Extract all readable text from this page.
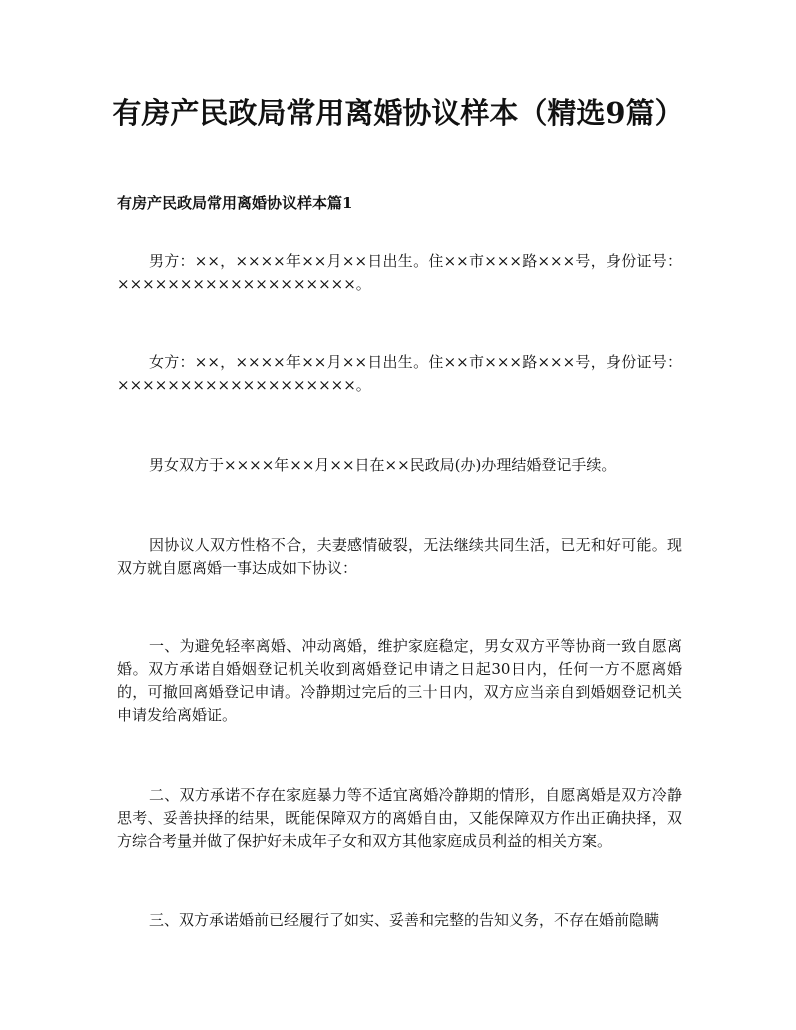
有房产民政局常用离婚协议样本（精选9篇）
有房产民政局常用离婚协议样本篇1

男方：××，××××年××月××日出生。住××市×××路×××号，身份证号：×××××××××××××××××××。

女方：××，××××年××月××日出生。住××市×××路×××号，身份证号：×××××××××××××××××××。

男女双方于××××年××月××日在××民政局(办)办理结婚登记手续。

因协议人双方性格不合，夫妻感情破裂，无法继续共同生活，已无和好可能。现双方就自愿离婚一事达成如下协议：

一、为避免轻率离婚、冲动离婚，维护家庭稳定，男女双方平等协商一致自愿离婚。双方承诺自婚姻登记机关收到离婚登记申请之日起30日内，任何一方不愿离婚的，可撤回离婚登记申请。冷静期过完后的三十日内，双方应当亲自到婚姻登记机关申请发给离婚证。

二、双方承诺不存在家庭暴力等不适宜离婚冷静期的情形，自愿离婚是双方冷静思考、妥善抉择的结果，既能保障双方的离婚自由，又能保障双方作出正确抉择，双方综合考量并做了保护好未成年子女和双方其他家庭成员利益的相关方案。

三、双方承诺婚前已经履行了如实、妥善和完整的告知义务，不存在婚前隐瞒
